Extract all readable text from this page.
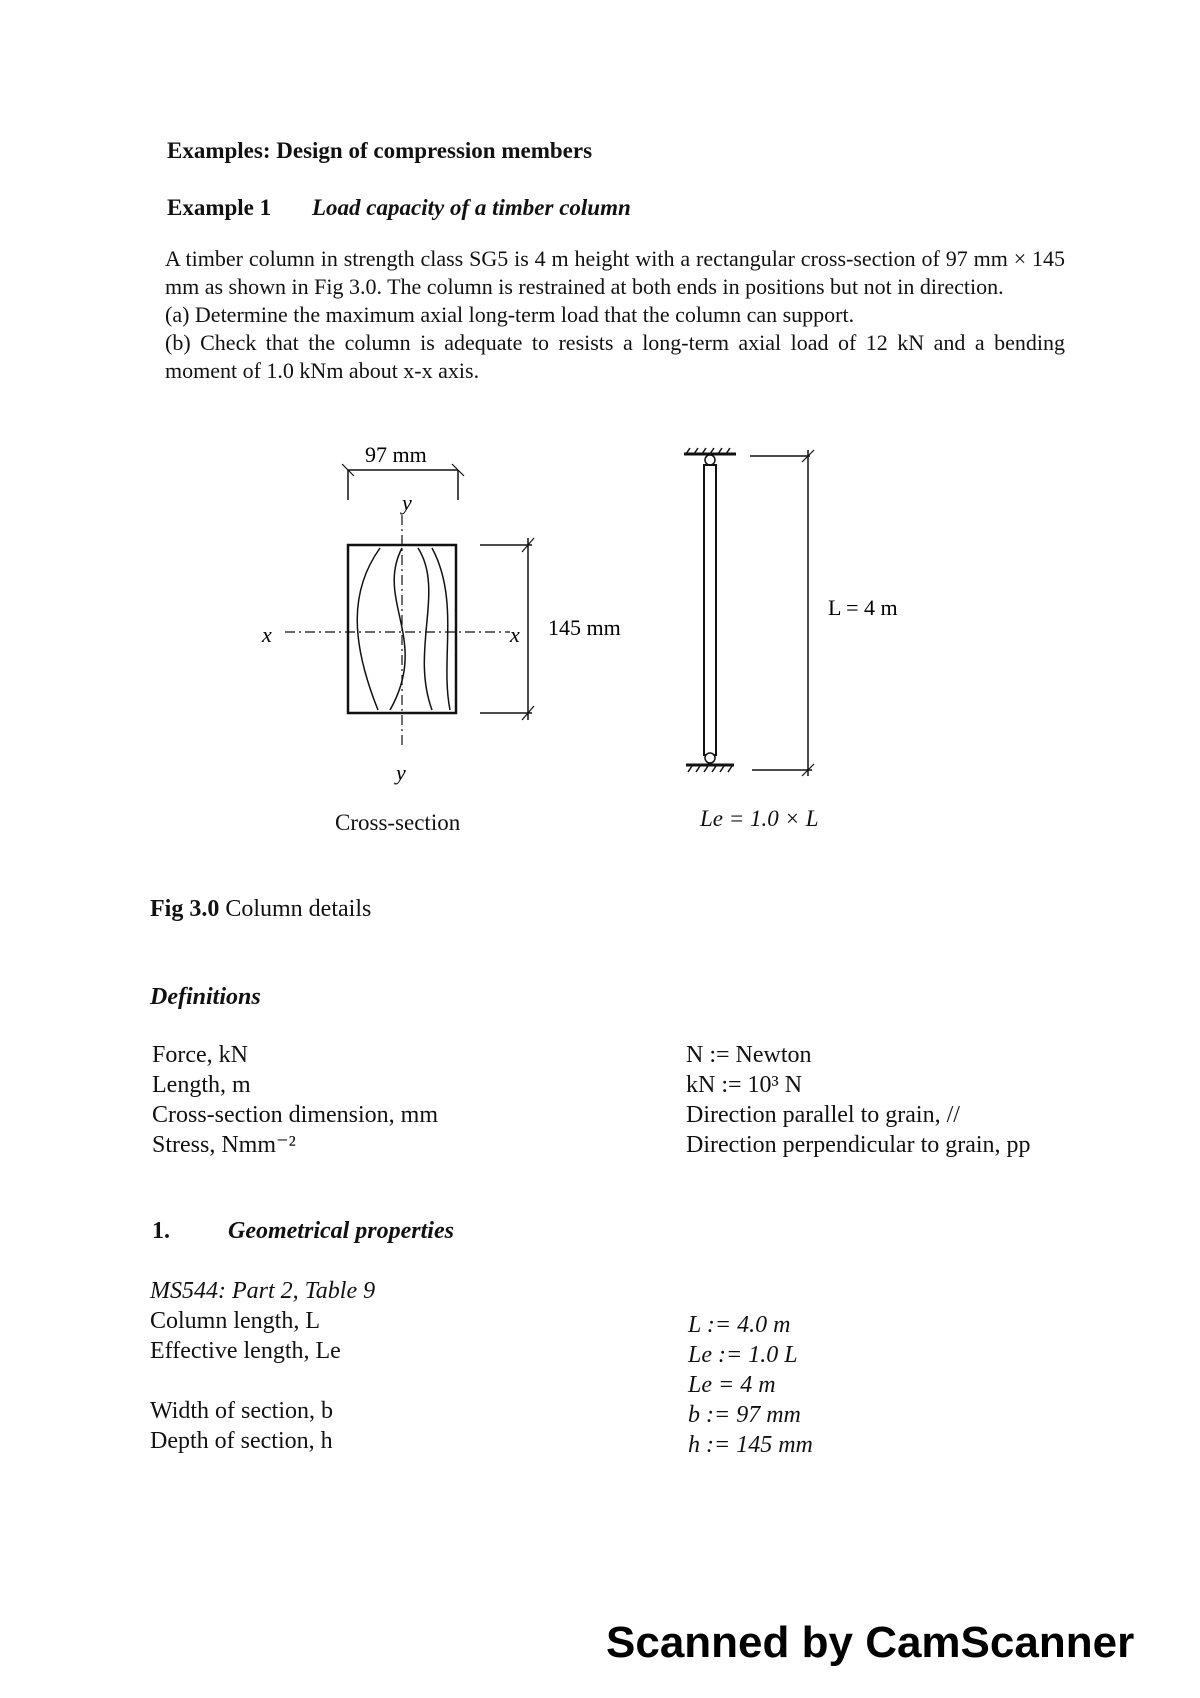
Examples: Design of compression members
Example 1 Load capacity of a timber column

A timber column in strength class SG5 is 4 m height with a rectangular cross-section of 97 mm × 145 mm as shown in Fig 3.0. The column is restrained at both ends in positions but not in direction.

(a) Determine the maximum axial long-term load that the column can support.

(b) Check that the column is adequate to resists a long-term axial load of 12 kN and a bending moment of 1.0 kNm about x-x axis.

97 mm
y
x	x 145 mm
y
Cross-section
L = 4 m
Le = 1.0 × L
Fig 3.0 Column details
Definitions
Force, kN
Length, m
Cross-section dimension, mm
Stress, Nmm⁻²
N := Newton
kN := 10³ N
Direction parallel to grain, //
Direction perpendicular to grain, pp
1. Geometrical properties
MS544: Part 2, Table 9
Column length, L
Effective length, Le
Width of section, b
Depth of section, h
L := 4.0 m
Le := 1.0 L
Le = 4 m
b := 97 mm
h := 145 mm
Scanned by CamScanner
